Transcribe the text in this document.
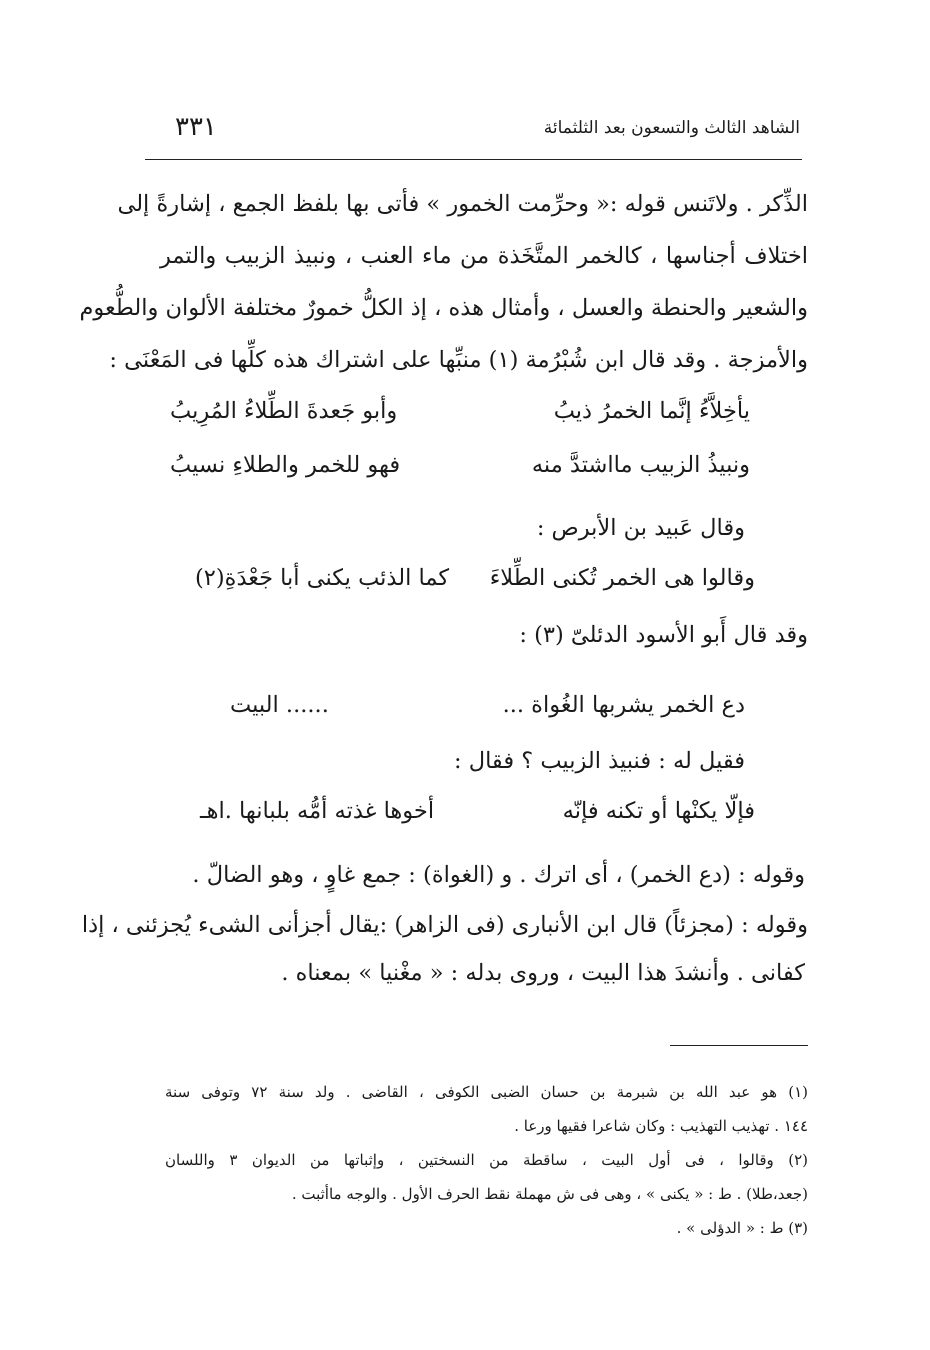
الشاهد الثالث والتسعون بعد الثلثمائة
٣٣١
الذِّكر . ولاتَنس قوله :« وحرِّمت الخمور » فأتى بها بلفظ الجمع ، إشارةً إلى
اختلاف أجناسها ، كالخمر المتَّخَذة من ماء العنب ، ونبيذ الزبيب والتمر
والشعير والحنطة والعسل ، وأمثال هذه ، إذ الكلُّ خمورٌ مختلفة الألوان والطُّعوم
والأمزجة . وقد قال ابن شُبْرُمة (١) منبِّها على اشتراك هذه كلِّها فى المَعْنَى :
يأخِلاَّءُ إنَّما الخمرُ ذيبُ
وأبو جَعدةَ الطِّلاءُ المُرِيبُ
ونبيذُ الزبيب مااشتدَّ منه
فهو للخمر والطلاءِ نسيبُ
وقال عَبيد بن الأبرص :
وقالوا هى الخمر تُكنى الطِّلاءَ
كما الذئب يكنى أبا جَعْدَةِ(٢)
وقد قال أَبو الأسود الدئلىّ (٣) :
دع الخمر يشربها الغُواة ...
...... البيت
فقيل له : فنبيذ الزبيب ؟ فقال :
فإلّا يكنْها أو تكنه فإنّه
أخوها غذته أمُّه بلبانها .اهـ
وقوله : (دع الخمر) ، أى اترك . و (الغواة) : جمع غاوٍ ، وهو الضالّ .
وقوله : (مجزئاً) قال ابن الأنبارى (فى الزاهر) :يقال أجزأنى الشىء يُجزئنى ، إذا
كفانى . وأنشدَ هذا البيت ، وروى بدله : « مغْنيا » بمعناه .
(١) هو عبد الله بن شبرمة بن حسان الضبى الكوفى ، القاضى . ولد سنة ٧٢ وتوفى سنة
١٤٤ . تهذيب التهذيب : وكان شاعرا فقيها ورعا .
(٢) وقالوا ، فى أول البيت ، ساقطة من النسختين ، وإثباتها من الديوان ٣ واللسان
(جعد،طلا) . ط : « يكنى » ، وهى فى ش مهملة نقط الحرف الأول . والوجه ماأثبت .
(٣) ط : « الدؤلى » .
